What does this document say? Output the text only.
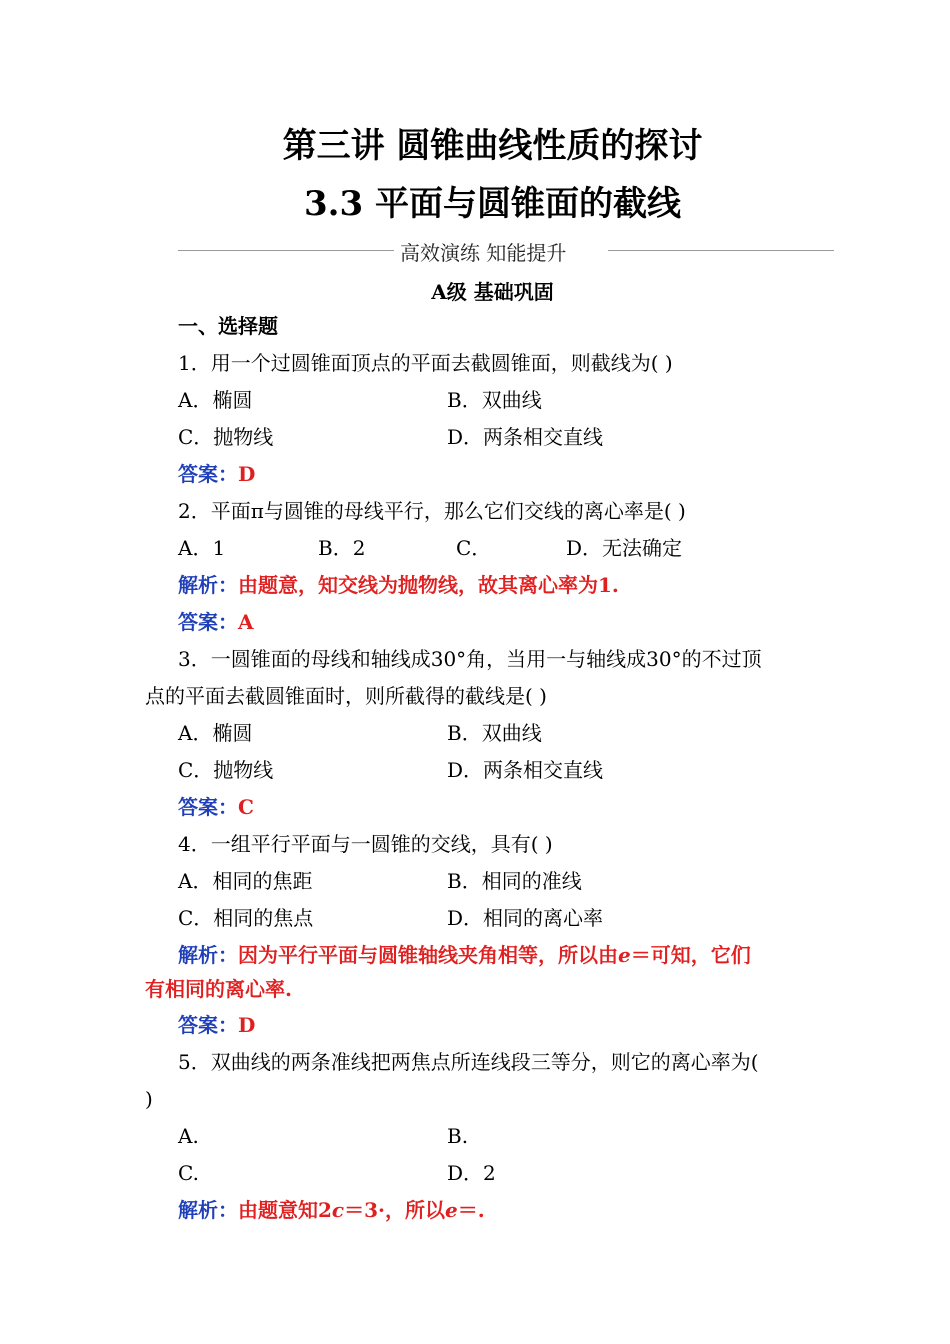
第三讲 圆锥曲线性质的探讨
3.3 平面与圆锥面的截线
高效演练 知能提升
A级 基础巩固
一、选择题
1．用一个过圆锥面顶点的平面去截圆锥面，则截线为( )
A．椭圆	B．双曲线
C．抛物线	D．两条相交直线
答案：D
2．平面π与圆锥的母线平行，那么它们交线的离心率是( )
A．1	B．2	C．	D．无法确定
解析：由题意，知交线为抛物线，故其离心率为1.
答案：A
3．一圆锥面的母线和轴线成30°角，当用一与轴线成30°的不过顶
点的平面去截圆锥面时，则所截得的截线是( )
A．椭圆	B．双曲线
C．抛物线	D．两条相交直线
答案：C
4．一组平行平面与一圆锥的交线，具有( )
A．相同的焦距	B．相同的准线
C．相同的焦点	D．相同的离心率
解析：因为平行平面与圆锥轴线夹角相等，所以由e＝可知，它们
有相同的离心率.
答案：D
5．双曲线的两条准线把两焦点所连线段三等分，则它的离心率为(
)
A.	B.
C.	D．2
解析：由题意知2c＝3·，所以e＝.
